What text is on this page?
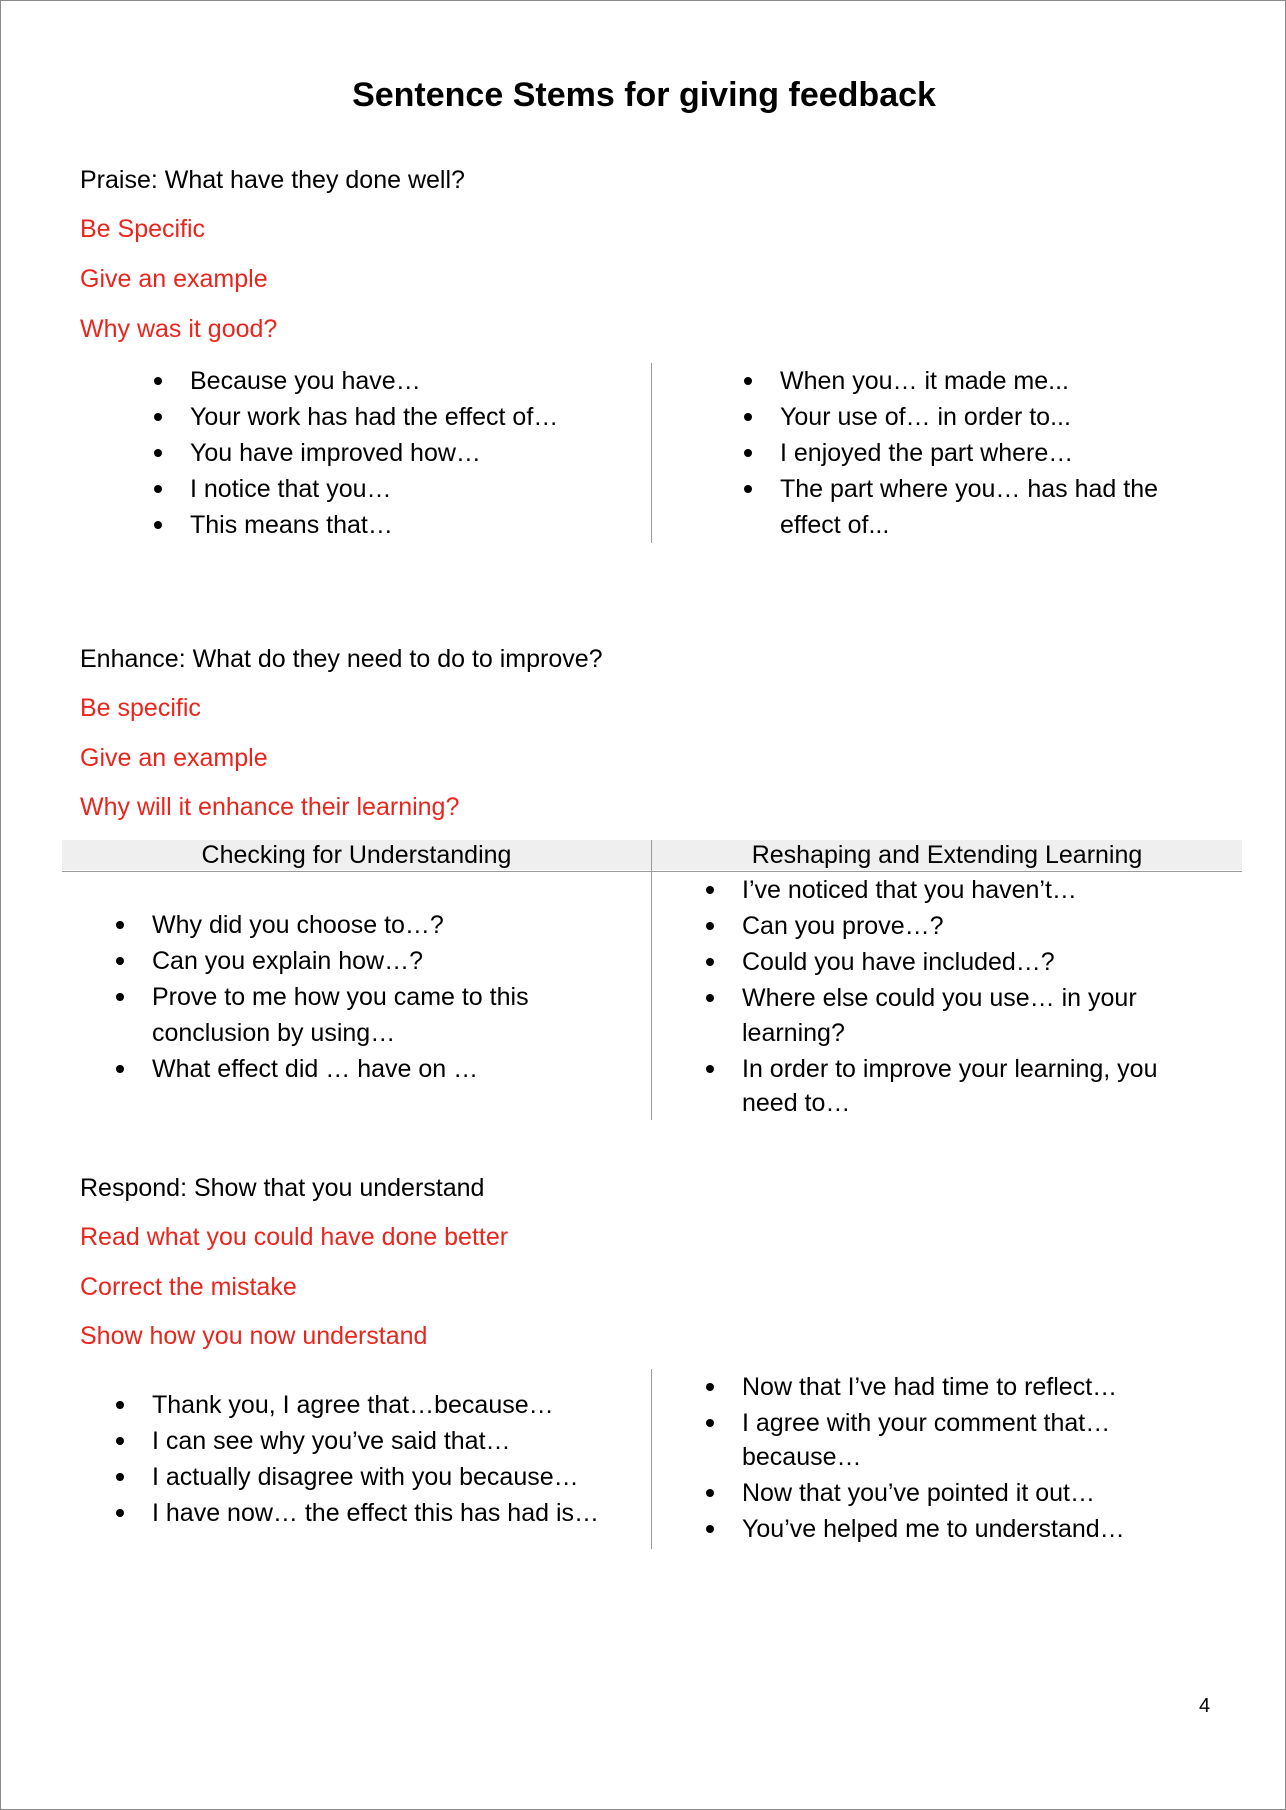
Sentence Stems for giving feedback
Praise: What have they done well?
Be Specific
Give an example
Why was it good?
Because you have…
Your work has had the effect of…
You have improved how…
I notice that you…
This means that…
When you… it made me...
Your use of… in order to...
I enjoyed the part where…
The part where you… has had the
effect of...
Enhance: What do they need to do to improve?
Be specific
Give an example
Why will it enhance their learning?
Checking for Understanding	Reshaping and Extending Learning
Why did you choose to…?
Can you explain how…?
Prove to me how you came to this
conclusion by using…
What effect did … have on …
I’ve noticed that you haven’t…
Can you prove…?
Could you have included…?
Where else could you use… in your
learning?
In order to improve your learning, you
need to…
Respond: Show that you understand
Read what you could have done better
Correct the mistake
Show how you now understand
Thank you, I agree that…because…
I can see why you’ve said that…
I actually disagree with you because…
I have now… the effect this has had is…
Now that I’ve had time to reflect…
I agree with your comment that…
because…
Now that you’ve pointed it out…
You’ve helped me to understand…
4
